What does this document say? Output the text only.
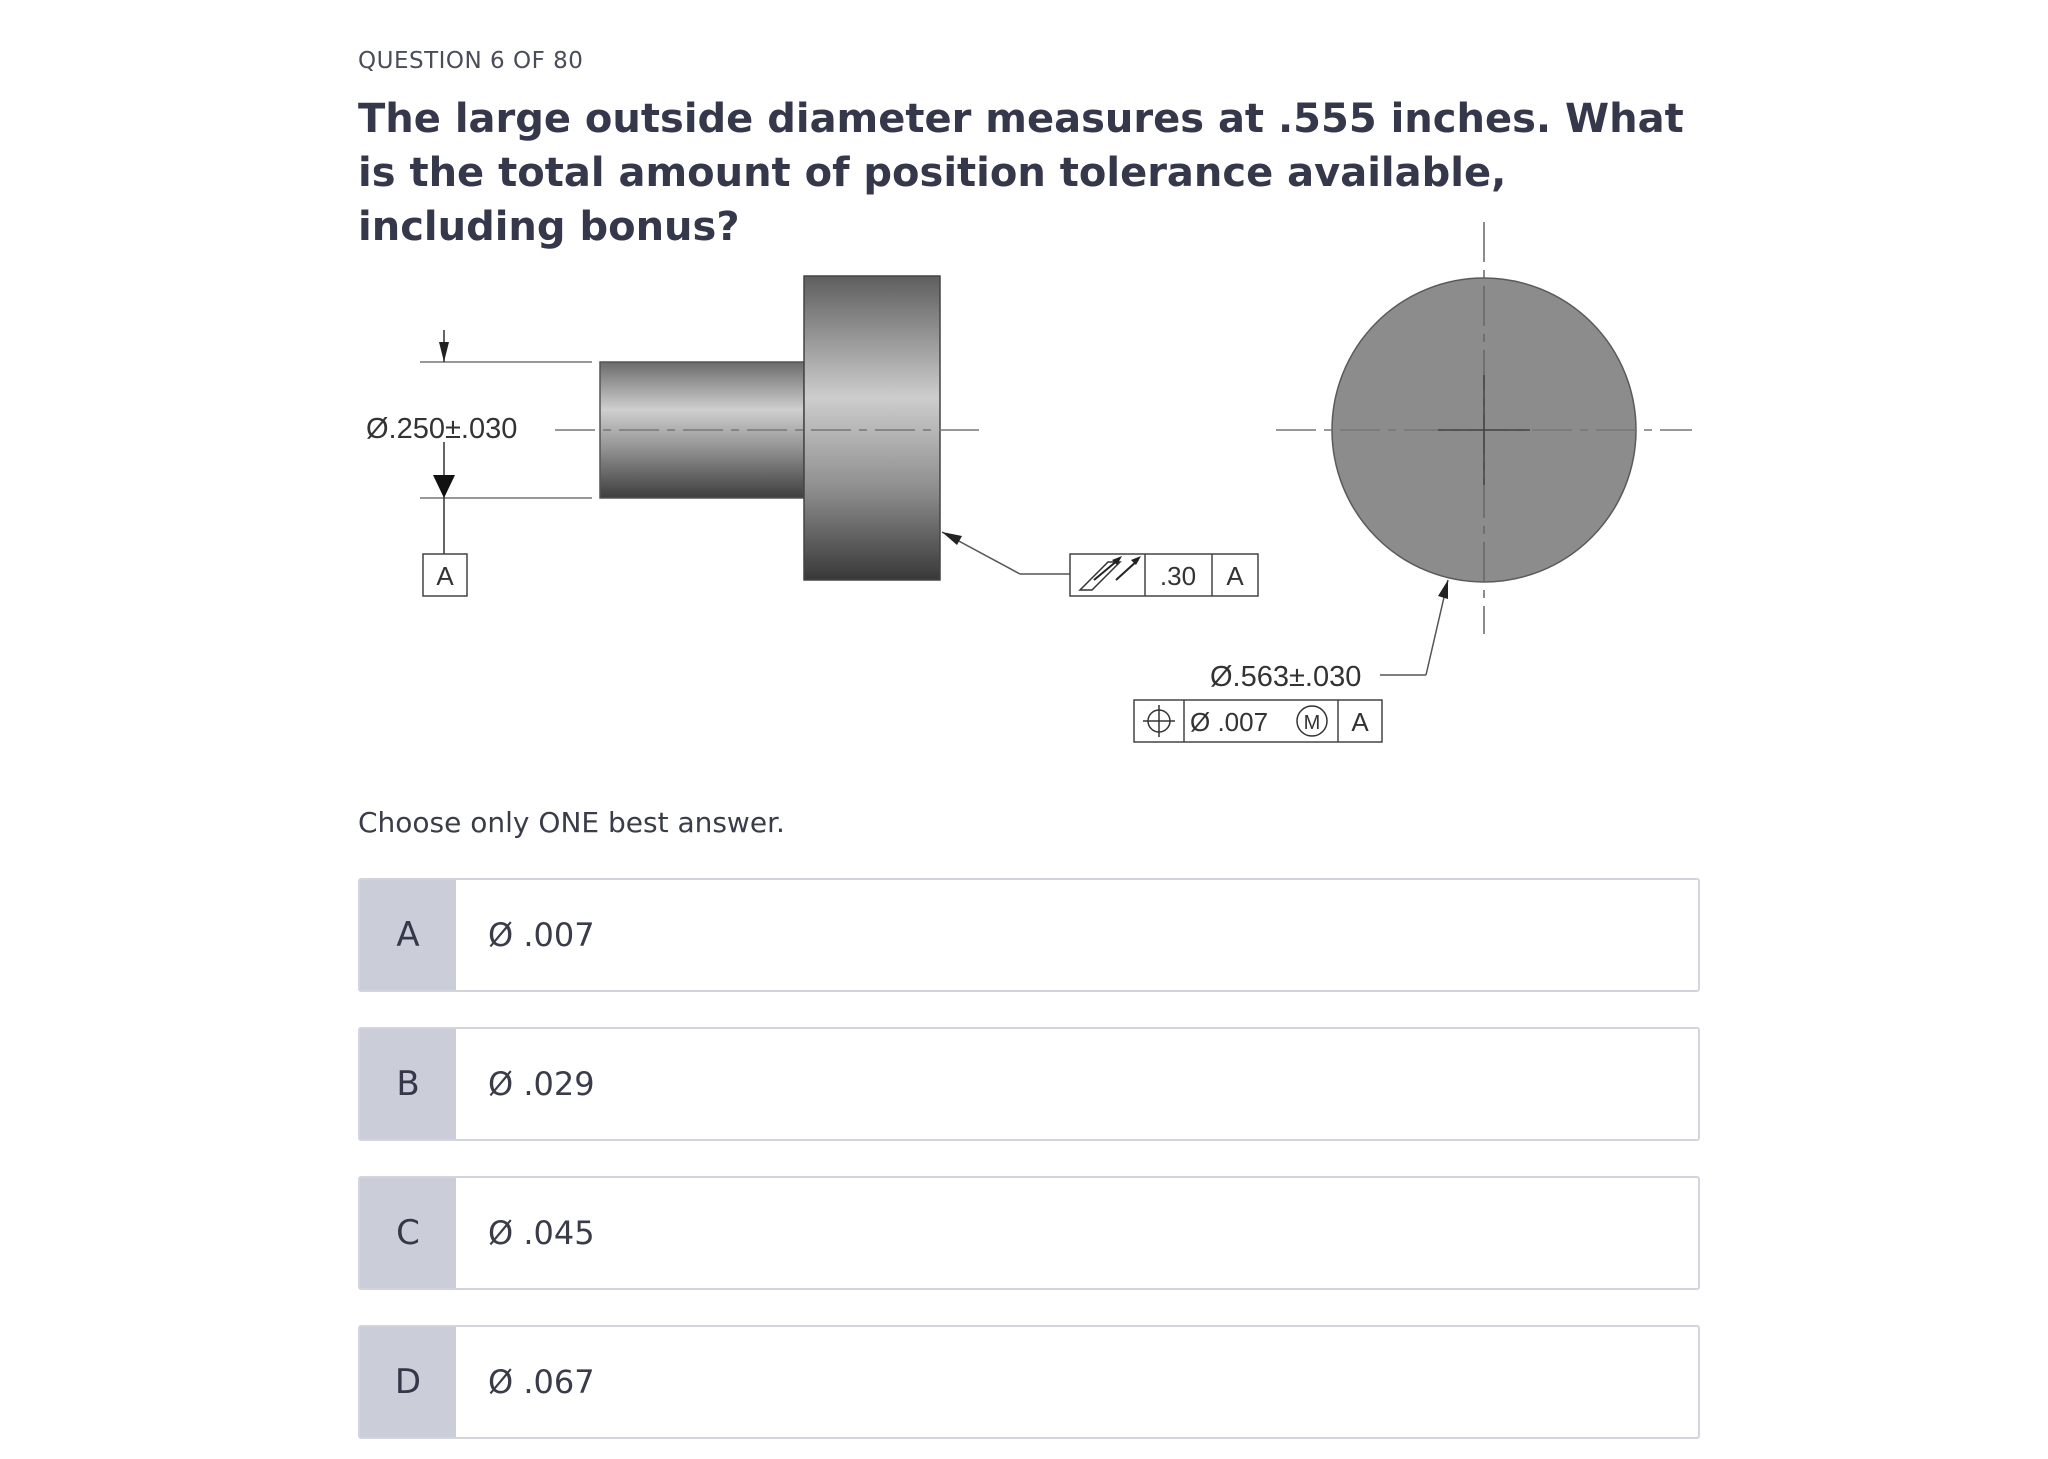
QUESTION 6 OF 80
The large outside diameter measures at .555 inches. What is the total amount of position tolerance available, including bonus?
Ø.250±.030
A	.30 A
Ø.563±.030
Ø .007 M A
Choose only ONE best answer.
A	Ø .007
B	Ø .029
C	Ø .045
D	Ø .067
